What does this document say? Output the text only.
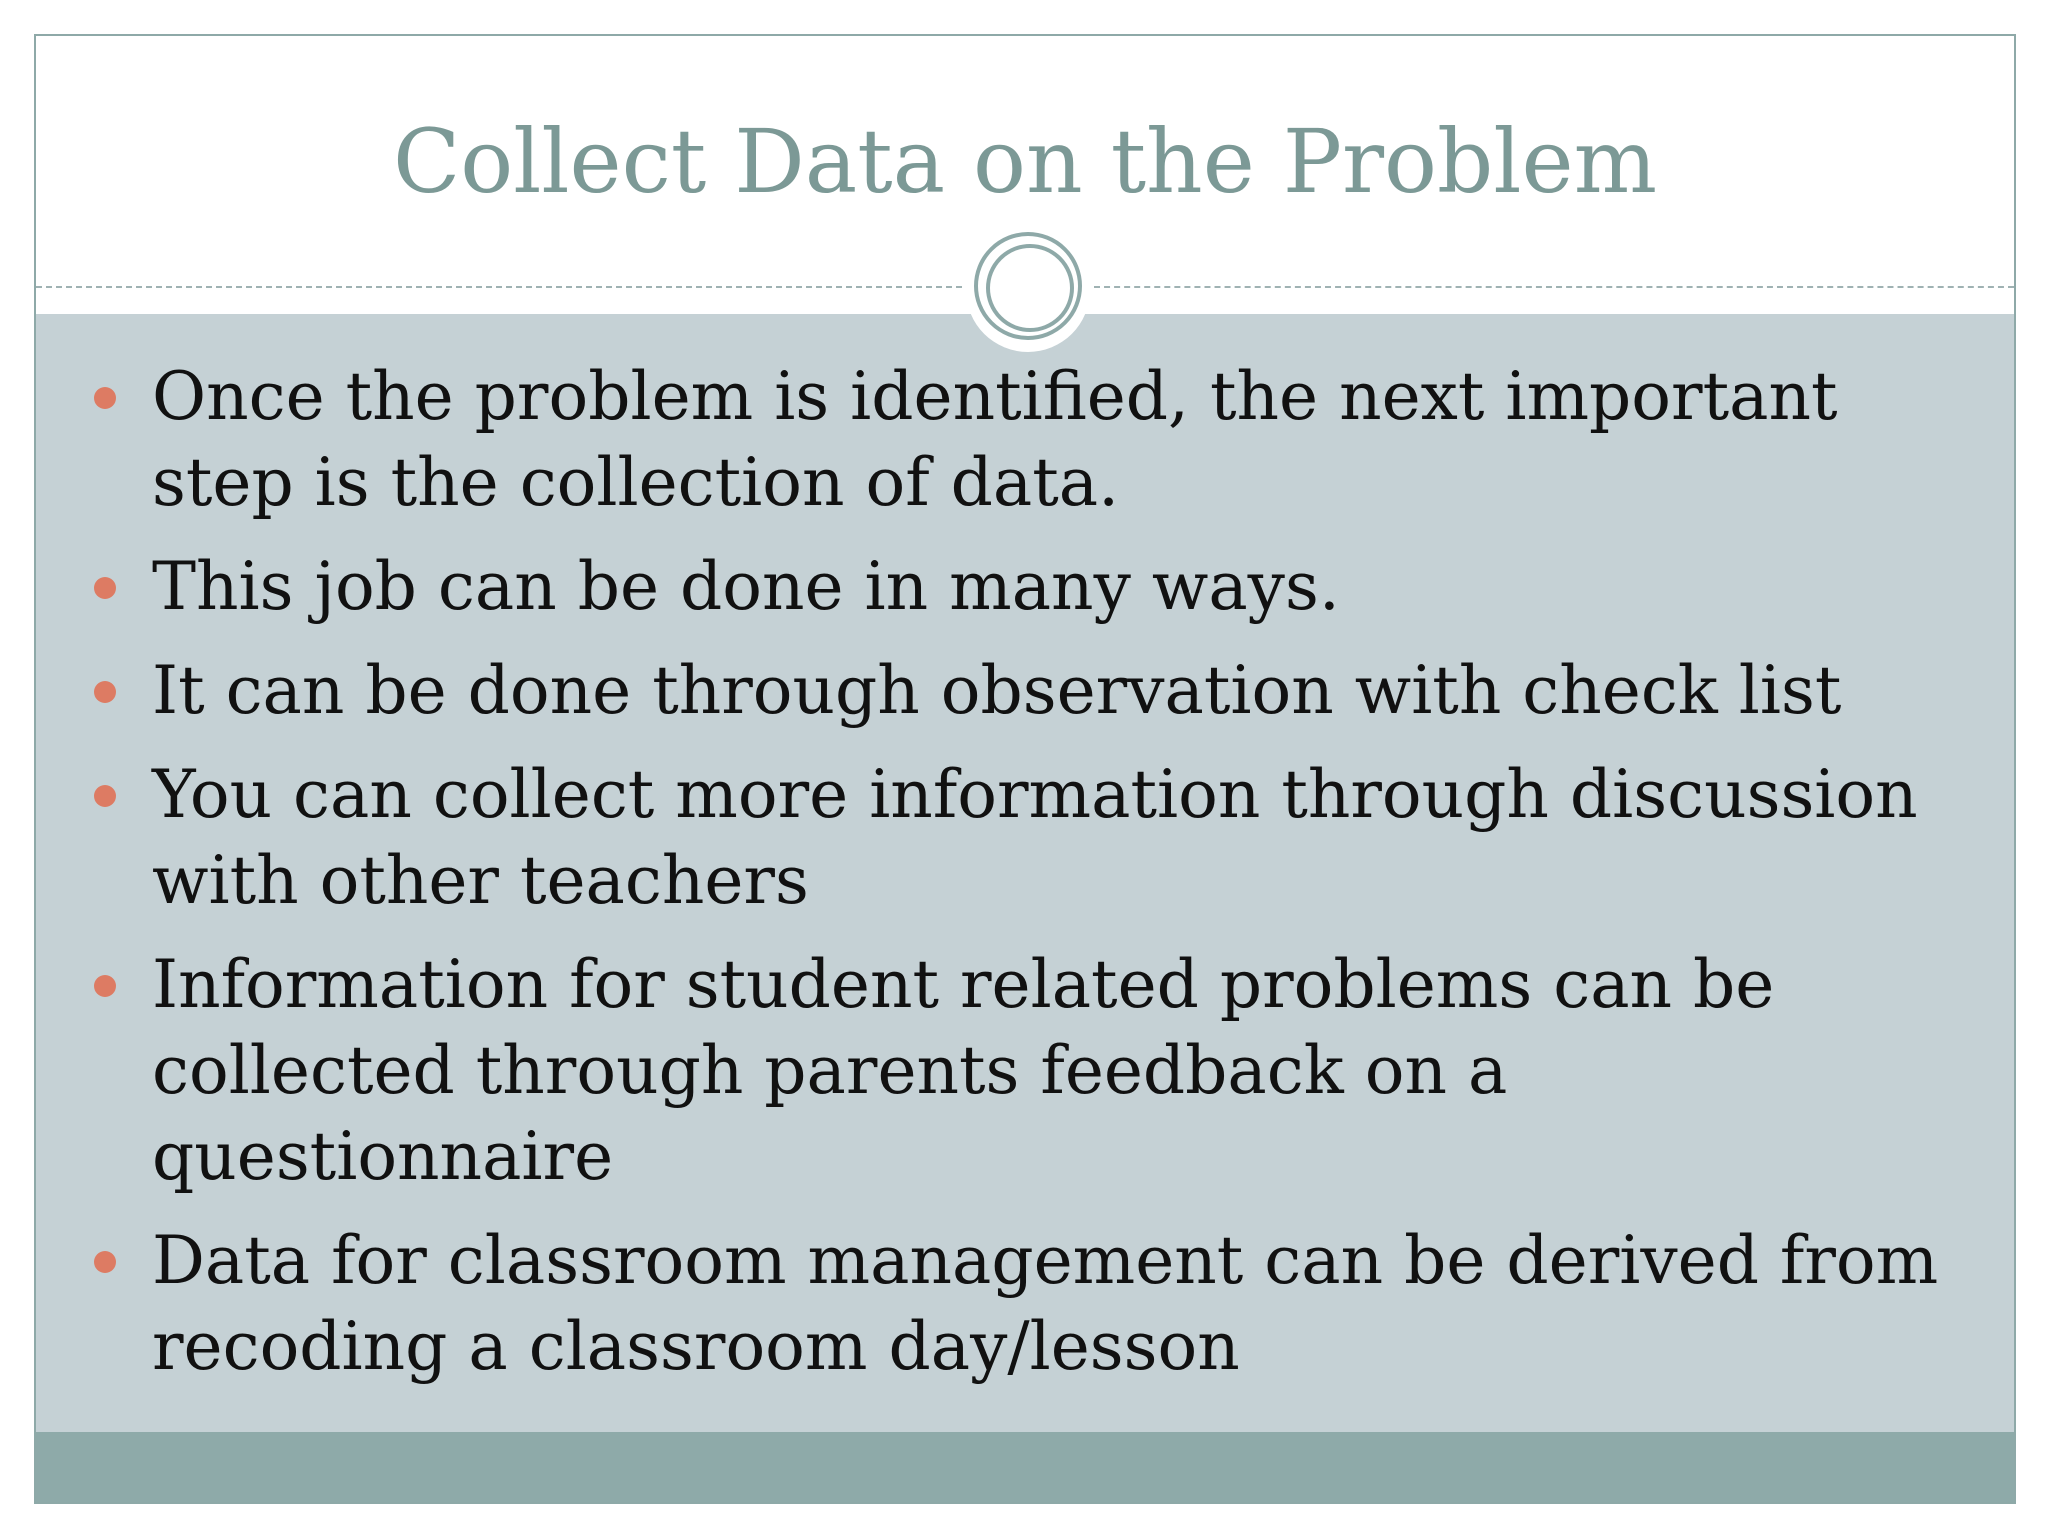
Collect Data on the Problem
Once the problem is identified, the next important step is the collection of data.
This job can be done in many ways.
It can be done through observation with check list
You can collect more information through discussion with other teachers
Information for student related problems can be collected through parents feedback on a questionnaire
Data for classroom management can be derived from recoding a classroom day/lesson
